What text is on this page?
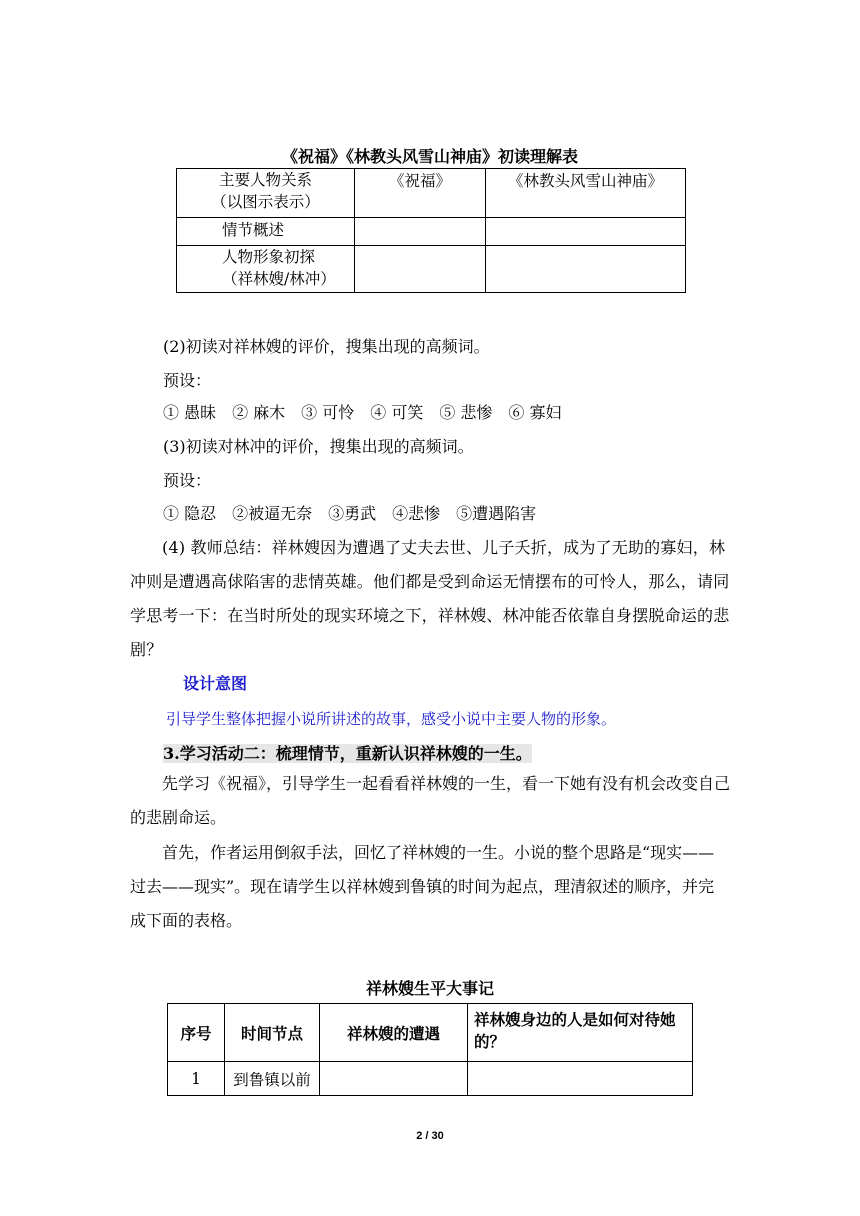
《祝福》《林教头风雪山神庙》初读理解表
主要人物关系
（以图示表示）	《祝福》	《林教头风雪山神庙》
情节概述		
人物形象初探
（祥林嫂/林冲）		
(2)初读对祥林嫂的评价，搜集出现的高频词。
预设：
① 愚昧　② 麻木　③ 可怜　④ 可笑　⑤ 悲惨　⑥ 寡妇
(3)初读对林冲的评价，搜集出现的高频词。
预设：
① 隐忍　②被逼无奈　③勇武　④悲惨　⑤遭遇陷害
(4) 教师总结：祥林嫂因为遭遇了丈夫去世、儿子夭折，成为了无助的寡妇，林冲则是遭遇高俅陷害的悲情英雄。他们都是受到命运无情摆布的可怜人，那么，请同学思考一下：在当时所处的现实环境之下，祥林嫂、林冲能否依靠自身摆脱命运的悲剧？
设计意图
引导学生整体把握小说所讲述的故事，感受小说中主要人物的形象。
3.学习活动二：梳理情节，重新认识祥林嫂的一生。
先学习《祝福》，引导学生一起看看祥林嫂的一生，看一下她有没有机会改变自己的悲剧命运。
首先，作者运用倒叙手法，回忆了祥林嫂的一生。小说的整个思路是“现实——过去——现实”。现在请学生以祥林嫂到鲁镇的时间为起点，理清叙述的顺序，并完成下面的表格。
祥林嫂生平大事记
序号	时间节点	祥林嫂的遭遇	祥林嫂身边的人是如何对待她的？
1	到鲁镇以前		
2 / 30
